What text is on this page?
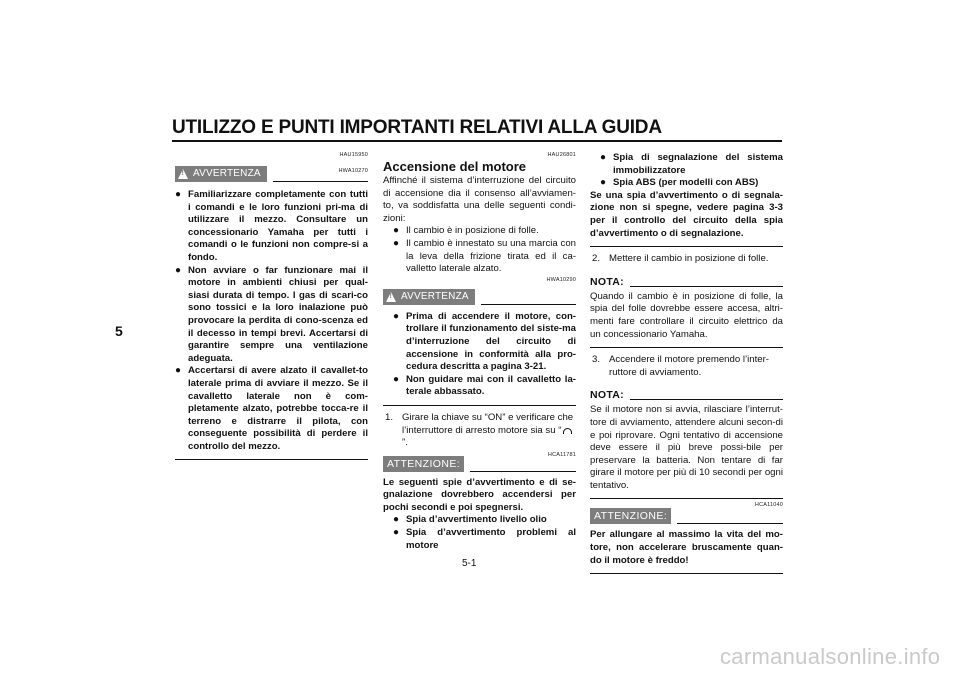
UTILIZZO E PUNTI IMPORTANTI RELATIVI ALLA GUIDA
5
HAU15950
!
AVVERTENZA	HWA10270
● Familiarizzare completamente con tutti i comandi e le loro funzioni pri-ma di utilizzare il mezzo. Consultare un concessionario Yamaha per tutti i comandi o le funzioni non compre-si a fondo.
● Non avviare o far funzionare mai il motore in ambienti chiusi per qual-siasi durata di tempo. I gas di scari-co sono tossici e la loro inalazione può provocare la perdita di cono-scenza ed il decesso in tempi brevi. Accertarsi di garantire sempre una ventilazione adeguata.
● Accertarsi di avere alzato il cavallet-to laterale prima di avviare il mezzo. Se il cavalletto laterale non è com-pletamente alzato, potrebbe tocca-re il terreno e distrarre il pilota, con conseguente possibilità di perdere il controllo del mezzo.
HAU26801
Accensione del motore

Affinché il sistema d’interruzione del circuito di accensione dia il consenso all’avviamen-to, va soddisfatta una delle seguenti condi-zioni:

● Il cambio è in posizione di folle.
● Il cambio è innestato su una marcia con la leva della frizione tirata ed il ca-valletto laterale alzato.
HWA10290
!
AVVERTENZA
● Prima di accendere il motore, con-trollare il funzionamento del siste-ma d’interruzione del circuito di accensione in conformità alla pro-cedura descritta a pagina 3-21.
● Non guidare mai con il cavalletto la-terale abbassato.
1. Girare la chiave su “ON” e verificare che l’interruttore di arresto motore sia su “”.
HCA11781
ATTENZIONE:

Le seguenti spie d’avvertimento e di se-gnalazione dovrebbero accendersi per pochi secondi e poi spegnersi.

● Spia d’avvertimento livello olio
● Spia d’avvertimento problemi al motore
● Spia di segnalazione del sistema immobilizzatore
● Spia ABS (per modelli con ABS)

Se una spia d’avvertimento o di segnala-zione non si spegne, vedere pagina 3-3 per il controllo del circuito della spia d’avvertimento o di segnalazione.

2. Mettere il cambio in posizione di folle.
NOTA:

Quando il cambio è in posizione di folle, la spia del folle dovrebbe essere accesa, altri-menti fare controllare il circuito elettrico da un concessionario Yamaha.

3. Accendere il motore premendo l’inter-ruttore di avviamento.
NOTA:

Se il motore non si avvia, rilasciare l’interrut-tore di avviamento, attendere alcuni secon-di e poi riprovare. Ogni tentativo di accensione deve essere il più breve possi-bile per preservare la batteria. Non tentare di far girare il motore per più di 10 secondi per ogni tentativo.

HCA11040
ATTENZIONE:

Per allungare al massimo la vita del mo-tore, non accelerare bruscamente quan-do il motore è freddo!

5-1
carmanualsonline.info
